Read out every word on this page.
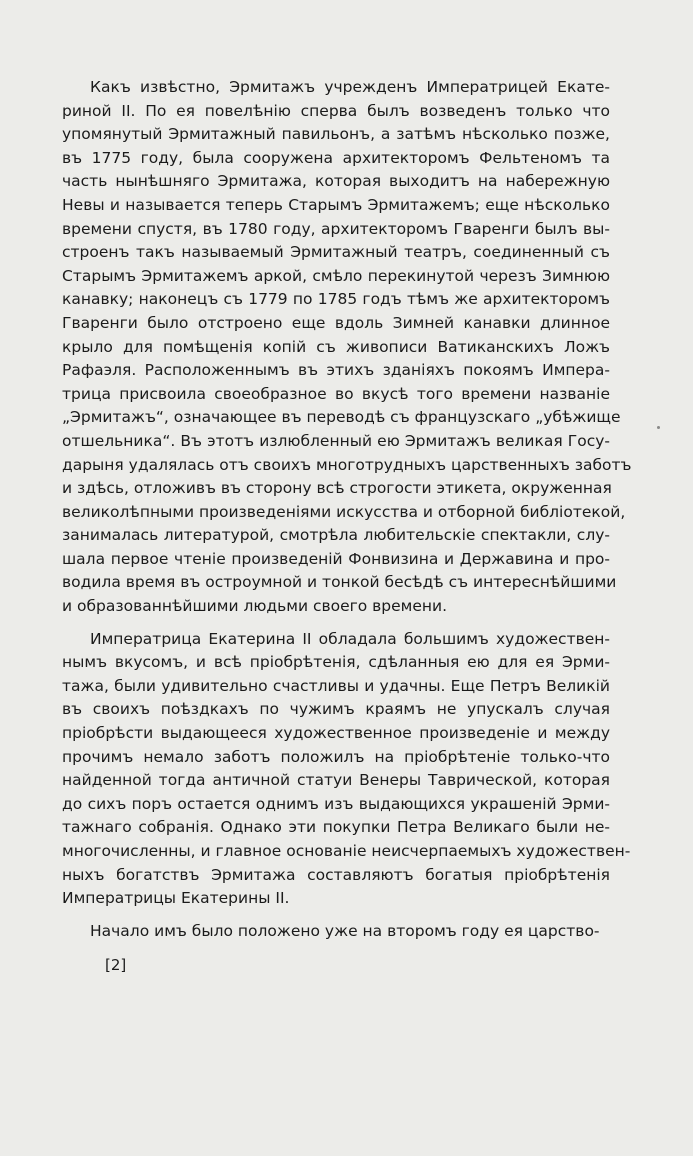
Какъ извѣстно, Эрмитажъ учрежденъ Императрицей Екате-
риной II. По ея повелѣнію сперва былъ возведенъ только что
упомянутый Эрмитажный павильонъ, а затѣмъ нѣсколько позже,
въ 1775 году, была сооружена архитекторомъ Фельтеномъ та
часть нынѣшняго Эрмитажа, которая выходитъ на набережную
Невы и называется теперь Старымъ Эрмитажемъ; еще нѣсколько
времени спустя, въ 1780 году, архитекторомъ Гваренги былъ вы-
строенъ такъ называемый Эрмитажный театръ, соединенный съ
Старымъ Эрмитажемъ аркой, смѣло перекинутой черезъ Зимнюю
канавку; наконецъ съ 1779 по 1785 годъ тѣмъ же архитекторомъ
Гваренги было отстроено еще вдоль Зимней канавки длинное
крыло для помѣщенія копій съ живописи Ватиканскихъ Ложъ
Рафаэля. Расположеннымъ въ этихъ зданіяхъ покоямъ Импера-
трица присвоила своеобразное во вкусѣ того времени названіе
„Эрмитажъ“, означающее въ переводѣ съ французскаго „убѣжище
отшельника“. Въ этотъ излюбленный ею Эрмитажъ великая Госу-
дарыня удалялась отъ своихъ многотрудныхъ царственныхъ заботъ
и здѣсь, отложивъ въ сторону всѣ строгости этикета, окруженная
великолѣпными произведеніями искусства и отборной библіотекой,
занималась литературой, смотрѣла любительскіе спектакли, слу-
шала первое чтеніе произведеній Фонвизина и Державина и про-
водила время въ остроумной и тонкой бесѣдѣ съ интереснѣйшими
и образованнѣйшими людьми своего времени.
Императрица Екатерина II обладала большимъ художествен-
нымъ вкусомъ, и всѣ пріобрѣтенія, сдѣланныя ею для ея Эрми-
тажа, были удивительно счастливы и удачны. Еще Петръ Великій
въ своихъ поѣздкахъ по чужимъ краямъ не упускалъ случая
пріобрѣсти выдающееся художественное произведеніе и между
прочимъ немало заботъ положилъ на пріобрѣтеніе только-что
найденной тогда античной статуи Венеры Таврической, которая
до сихъ поръ остается однимъ изъ выдающихся украшеній Эрми-
тажнаго собранія. Однако эти покупки Петра Великаго были не-
многочисленны, и главное основаніе неисчерпаемыхъ художествен-
ныхъ богатствъ Эрмитажа составляютъ богатыя пріобрѣтенія
Императрицы Екатерины II.
Начало имъ было положено уже на второмъ году ея царство-
[2]
